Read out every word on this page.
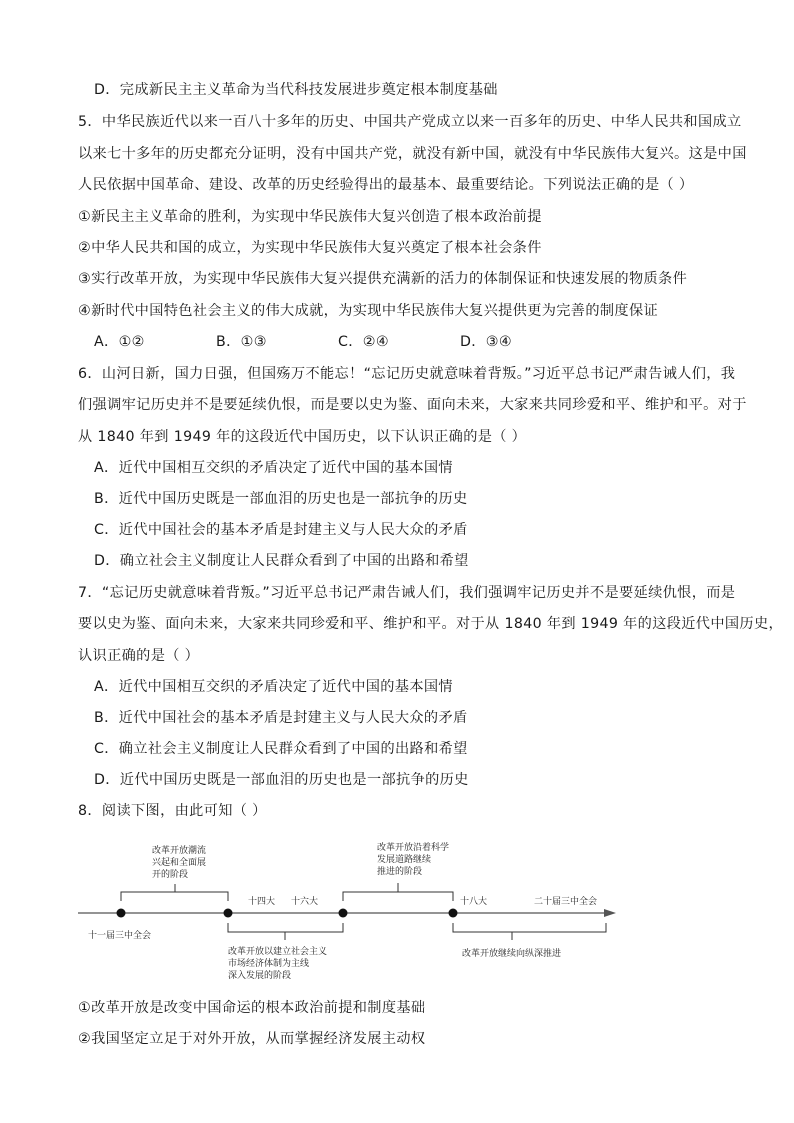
D．完成新民主主义革命为当代科技发展进步奠定根本制度基础
5．中华民族近代以来一百八十多年的历史、中国共产党成立以来一百多年的历史、中华人民共和国成立
以来七十多年的历史都充分证明，没有中国共产党，就没有新中国，就没有中华民族伟大复兴。这是中国
人民依据中国革命、建设、改革的历史经验得出的最基本、最重要结论。下列说法正确的是（ ）
①新民主主义革命的胜利，为实现中华民族伟大复兴创造了根本政治前提
②中华人民共和国的成立，为实现中华民族伟大复兴奠定了根本社会条件
③实行改革开放，为实现中华民族伟大复兴提供充满新的活力的体制保证和快速发展的物质条件
④新时代中国特色社会主义的伟大成就，为实现中华民族伟大复兴提供更为完善的制度保证
A．①②	B．①③	C．②④	D．③④
6．山河日新，国力日强，但国殇万不能忘！“忘记历史就意味着背叛。”习近平总书记严肃告诫人们，我
们强调牢记历史并不是要延续仇恨，而是要以史为鉴、面向未来，大家来共同珍爱和平、维护和平。对于
从 1840 年到 1949 年的这段近代中国历史，以下认识正确的是（ ）
A．近代中国相互交织的矛盾决定了近代中国的基本国情
B．近代中国历史既是一部血泪的历史也是一部抗争的历史
C．近代中国社会的基本矛盾是封建主义与人民大众的矛盾
D．确立社会主义制度让人民群众看到了中国的出路和希望
7．“忘记历史就意味着背叛。”习近平总书记严肃告诫人们，我们强调牢记历史并不是要延续仇恨，而是
要以史为鉴、面向未来，大家来共同珍爱和平、维护和平。对于从 1840 年到 1949 年的这段近代中国历史，
认识正确的是（ ）
A．近代中国相互交织的矛盾决定了近代中国的基本国情
B．近代中国社会的基本矛盾是封建主义与人民大众的矛盾
C．确立社会主义制度让人民群众看到了中国的出路和希望
D．近代中国历史既是一部血泪的历史也是一部抗争的历史
8．阅读下图，由此可知（ ）
改革开放潮流
兴起和全面展
开的阶段
改革开放沿着科学
发展道路继续
推进的阶段
十四大 十六大	十八大	二十届三中全会
十一届三中全会
改革开放以建立社会主义
市场经济体制为主线
深入发展的阶段
改革开放继续向纵深推进
①改革开放是改变中国命运的根本政治前提和制度基础
②我国坚定立足于对外开放，从而掌握经济发展主动权
